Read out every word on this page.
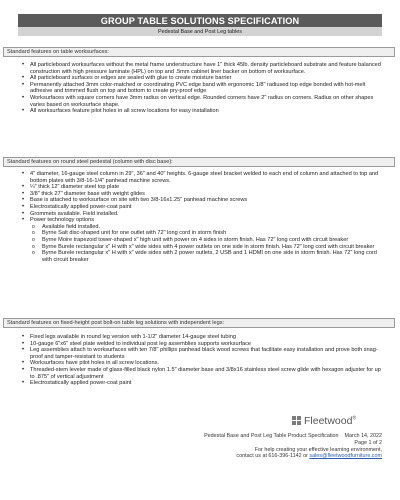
GROUP TABLE SOLUTIONS SPECIFICATION
Pedestal Base and Post Leg tables
Standard features on table worksurfaces:
• All particleboard worksurfaces without the metal frame understructure have 1" thick 45lb. density particleboard substrate and feature balanced construction with high pressure laminate (HPL) on top and .5mm cabinet liner backer on bottom of worksurface.
• All particleboard surfaces or edges are sealed with glue to create moisture barrier
• Permanently attached 3mm color-matched or coordinating PVC edge band with ergonomic 1/8" radiused top edge bonded with hot-melt adhesive and trimmed flush on top and bottom to create pry-proof edge
• Worksurfaces with square corners have 3mm radius on vertical edge. Rounded corners have 2" radius on corners. Radius on other shapes varies based on worksurface shape.
• All worksurfaces feature pilot holes in all screw locations for easy installation
Standard features on round steel pedestal (column with disc base):
• 4" diameter, 16-gauge steel column in 29", 36" and 40" heights. 6-gauge steel bracket welded to each end of column and attached to top and bottom plates with 3/8-16-1/4" panhead machine screws.
• ¼" thick 12" diameter steel top plate
• 3/8" thick 27" diameter base with weight glides
• Base is attached to worksurface on site with two 3/8-16x1.25" panhead machine screws
• Electrostatically applied power-coat paint
• Grommets available. Field installed.
• Power technology options
o Available field installed.
o Byrne Salt disc-shaped unit for one outlet with 72" long cord in storm finish
o Byrne Moire trapezoid tower-shaped x" high unit with power on 4 sides in storm finish. Has 72" long cord with circuit breaker
o Byrne Burele rectangular x" H with x" wide sides with 4 power outlets on one side in storm finish. Has 72" long cord with circuit breaker
o Byrne Burele rectangular x" H with x" wide sides with 2 power outlets, 2 USB and 1 HDMI on one side in storm finish. Has 72" long cord with circuit breaker
Standard features on fixed-height post bolt-on table leg solutions with independent legs:
• Fixed legs available in round leg version with 1-1/2" diameter 14-gauge steel tubing
• 10-gauge 6"x6" steel plate welded to individual post leg assemblies supports worksurface
• Leg assemblies attach to worksurfaces with ten 7/8" phillips panhead black wood screws that facilitate easy installation and prove both snag-proof and tamper-resistant to students
• Worksurfaces have pilot holes in all screw locations.
• Threaded-stem leveler made of glass-filled black nylon 1.5" diameter base and 3/8x16 stainless steel screw glide with hexagon adjuster for up to .875" of vertical adjustment
• Electrostatically applied power-coat paint
Fleetwood®
Pedestal Base and Post Leg Table Product Specification March 14, 2022
Page 1 of 2
For help creating your effective learning environment,
contact us at 616-396-1142 or sales@fleetwoodfurniture.com
